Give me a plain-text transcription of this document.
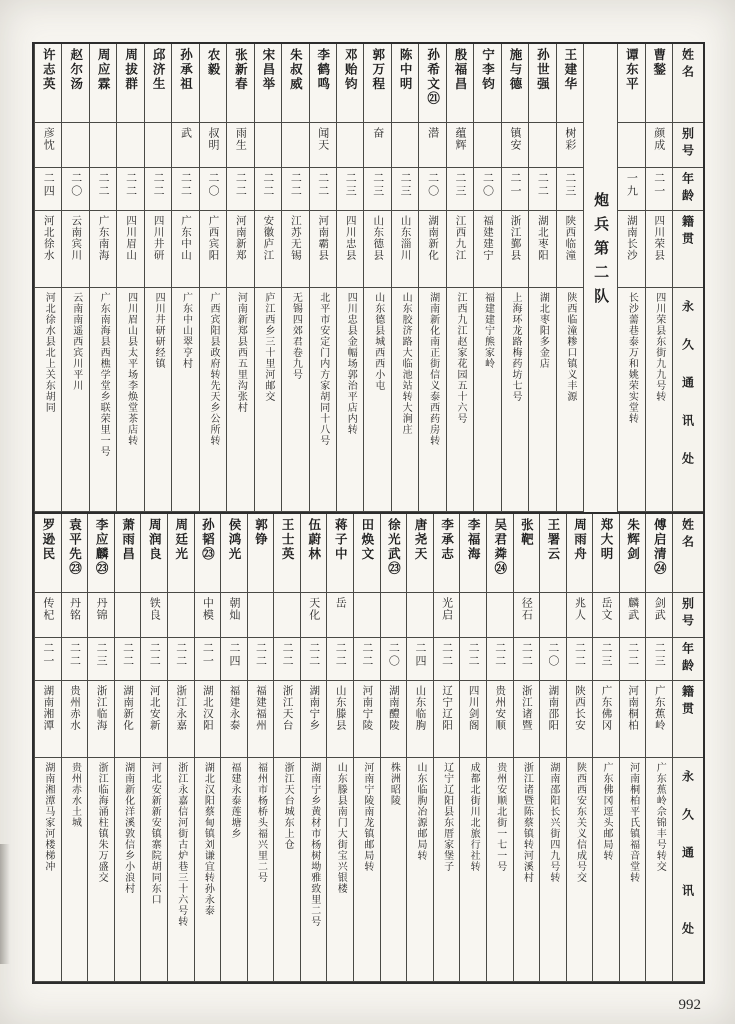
姓名
别号
年龄
籍贯
永久通讯处
曹鍫
颜成
二一
四川荣县
四川荣县东街九九号转
谭东平
一九
湖南长沙
长沙薷巷泰万和姚荣实堂转
炮兵第二队
王建华
树彩
二三
陕西临潼
陕西临潼糁口镇义丰源
孙世强
二二
湖北枣阳
湖北枣阳多金店
施与德
镇安
二一
浙江鄞县
上海环龙路梅药坊七号
宁李钧
二〇
福建建宁
福建建宁熊家岭
殷福昌
蕴辉
二三
江西九江
江西九江赵家花园五十六号
孙希文㉑
潜
二〇
湖南新化
湖南新化南正街信义泰西药房转
陈中明
二三
山东淄川
山东胶济路大临池站转大涧庄
郭万程
奋
二三
山东德县
山东德县城西西小屯
邓贻钧
二三
四川忠县
四川忠县金幅场郭治平店内转
李鹤鸣
闻天
二二
河南霸县
北平市安定门内方家胡同十八号
朱叔威
二二
江苏无锡
无锡四郊君卷九号
宋昌举
二二
安徽庐江
庐江西乡三十里河邮交
张新春
雨生
二二
河南新郑
河南新郑县西五里沟张村
农毅
叔明
二〇
广西宾阳
广西宾阳县政府转先天乡公所转
孙承祖
武
二二
广东中山
广东中山翠亨村
邱济生
二二
四川井研
四川井研研经镇
周拔群
二二
四川眉山
四川眉山县太平场李焕堂茶店转
周应霖
二二
广东南海
广东南海县西樵学堂乡联荣里一号
赵尔汤
二〇
云南宾川
云南南遥西宾川平川
许志英
彦忱
二四
河北徐水
河北徐水县北上关东胡同
姓名
别号
年龄
籍贯
永久通讯处
傅启清㉔
剑武
二三
广东蕉岭
广东蕉岭佘锦丰号转交
朱辉剑
麟武
二二
河南桐柏
河南桐柏平氏镇福音堂转
郑大明
岳文
二三
广东佛冈
广东佛冈逕头邮局转
周雨舟
兆人
二二
陕西长安
陕西西安东关义信成号交
王署云
二〇
湖南邵阳
湖南邵阳长兴街四九号转
张靶
径石
二二
浙江诸暨
浙江诸暨陈蔡镇转河溪村
吴君粦㉔
二二
贵州安顺
贵州安顺北街一七一号
李福海
二二
四川剑阁
成都北街川北旅行社转
李承志
光启
二二
辽宁辽阳
辽宁辽阳县东厝家堡子
唐尧天
二四
山东临朐
山东临朐冶源邮局转
徐光武㉓
二〇
湖南醴陵
株洲昭陵
田焕文
二二
河南宁陵
河南宁陵南龙镇邮局转
蒋子中
岳
二二
山东滕县
山东滕县南门大街宝兴银楼
伍蔚林
天化
二二
湖南宁乡
湖南宁乡黄材市杨树坳雅致里二号
王士英
二二
浙江天台
浙江天台城东上仓
郭铮
二二
福建福州
福州市杨桥头福兴里二号
侯鸿光
朝灿
二四
福建永泰
福建永泰莲塘乡
孙韬㉓
中模
二一
湖北汉阳
湖北汉阳蔡甸镇刘谦宜转孙永泰
周廷光
二二
浙江永嘉
浙江永嘉信河街古炉巷三十六号转
周润良
铁良
二二
河北安新
河北安新新安镇寨院胡同东口
萧雨昌
二二
湖南新化
湖南新化洋溪敦信乡小浪村
李应麟㉓
丹锦
二三
浙江临海
浙江临海涌柱镇朱万盛交
袁平先㉓
丹铭
二二
贵州赤水
贵州赤水土城
罗逊民
传杞
二一
湖南湘潭
湖南湘潭马家河楼梯冲
992
